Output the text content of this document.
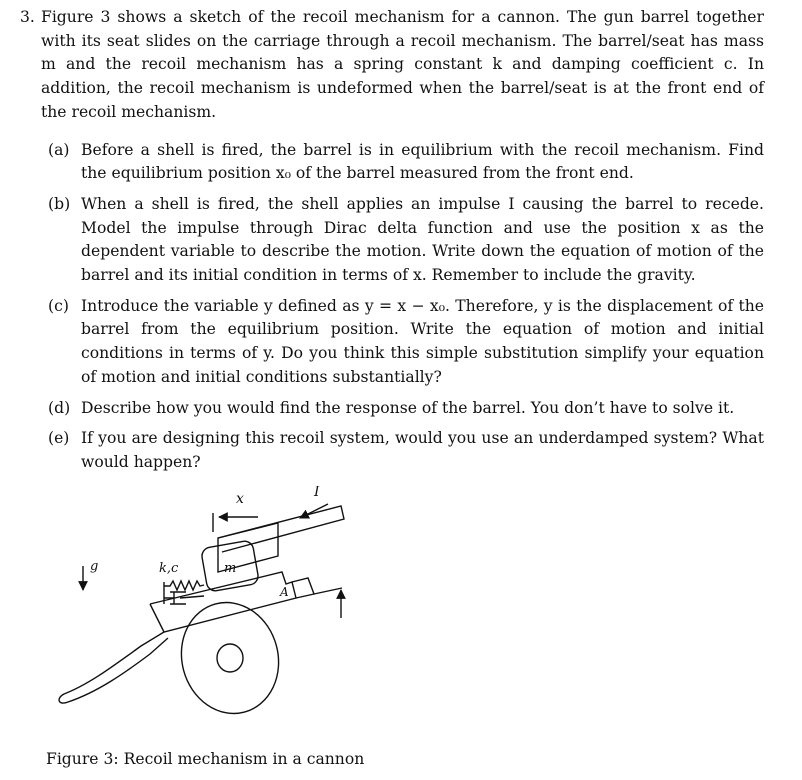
3. Figure 3 shows a sketch of the recoil mechanism for a cannon. The gun barrel together with its seat slides on the carriage through a recoil mechanism. The barrel/seat has mass m and the recoil mechanism has a spring constant k and damping coefficient c. In addition, the recoil mechanism is undeformed when the barrel/seat is at the front end of the recoil mechanism.
(a) Before a shell is fired, the barrel is in equilibrium with the recoil mechanism. Find the equilibrium position x₀ of the barrel measured from the front end.
(b) When a shell is fired, the shell applies an impulse I causing the barrel to recede. Model the impulse through Dirac delta function and use the position x as the dependent variable to describe the motion. Write down the equation of motion of the barrel and its initial condition in terms of x. Remember to include the gravity.
(c) Introduce the variable y defined as y = x − x₀. Therefore, y is the displacement of the barrel from the equilibrium position. Write the equation of motion and initial conditions in terms of y. Do you think this simple substitution simplify your equation of motion and initial conditions substantially?
(d) Describe how you would find the response of the barrel. You don’t have to solve it.
(e) If you are designing this recoil system, would you use an underdamped system? What would happen?
g
x	I
m
k,c
A
Figure 3: Recoil mechanism in a cannon
